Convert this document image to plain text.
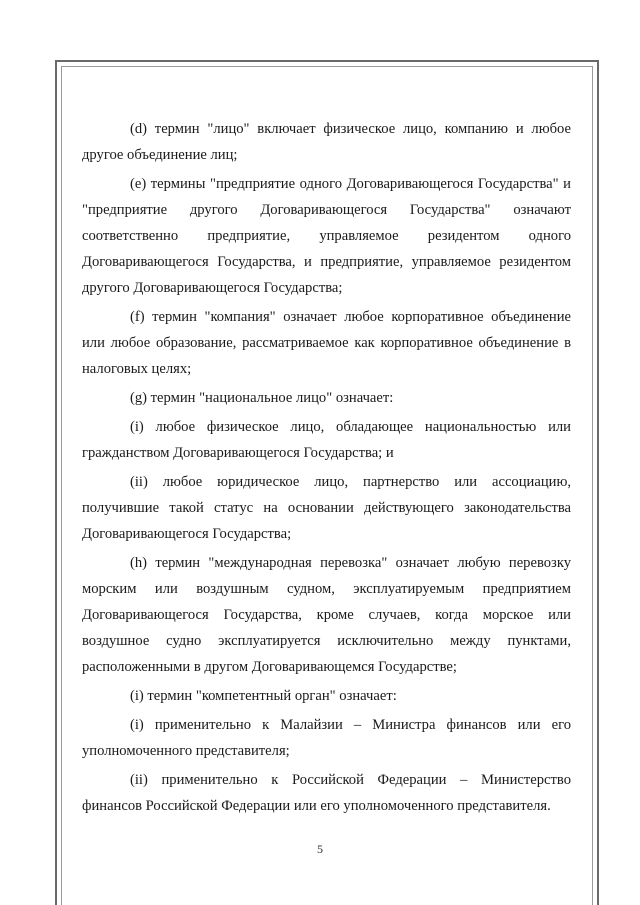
(d) термин "лицо" включает физическое лицо, компанию и любое другое объединение лиц;

(e) термины "предприятие одного Договаривающегося Государства" и "предприятие другого Договаривающегося Государства" означают соответственно предприятие, управляемое резидентом одного Договаривающегося Государства, и предприятие, управляемое резидентом другого Договаривающегося Государства;

(f) термин "компания" означает любое корпоративное объединение или любое образование, рассматриваемое как корпоративное объединение в налоговых целях;

(g) термин "национальное лицо" означает:

(i) любое физическое лицо, обладающее национальностью или гражданством Договаривающегося Государства; и

(ii) любое юридическое лицо, партнерство или ассоциацию, получившие такой статус на основании действующего законодательства Договаривающегося Государства;

(h) термин "международная перевозка" означает любую перевозку морским или воздушным судном, эксплуатируемым предприятием Договаривающегося Государства, кроме случаев, когда морское или воздушное судно эксплуатируется исключительно между пунктами, расположенными в другом Договаривающемся Государстве;

(i) термин "компетентный орган" означает:

(i) применительно к Малайзии – Министра финансов или его уполномоченного представителя;

(ii) применительно к Российской Федерации – Министерство финансов Российской Федерации или его уполномоченного представителя.

5
